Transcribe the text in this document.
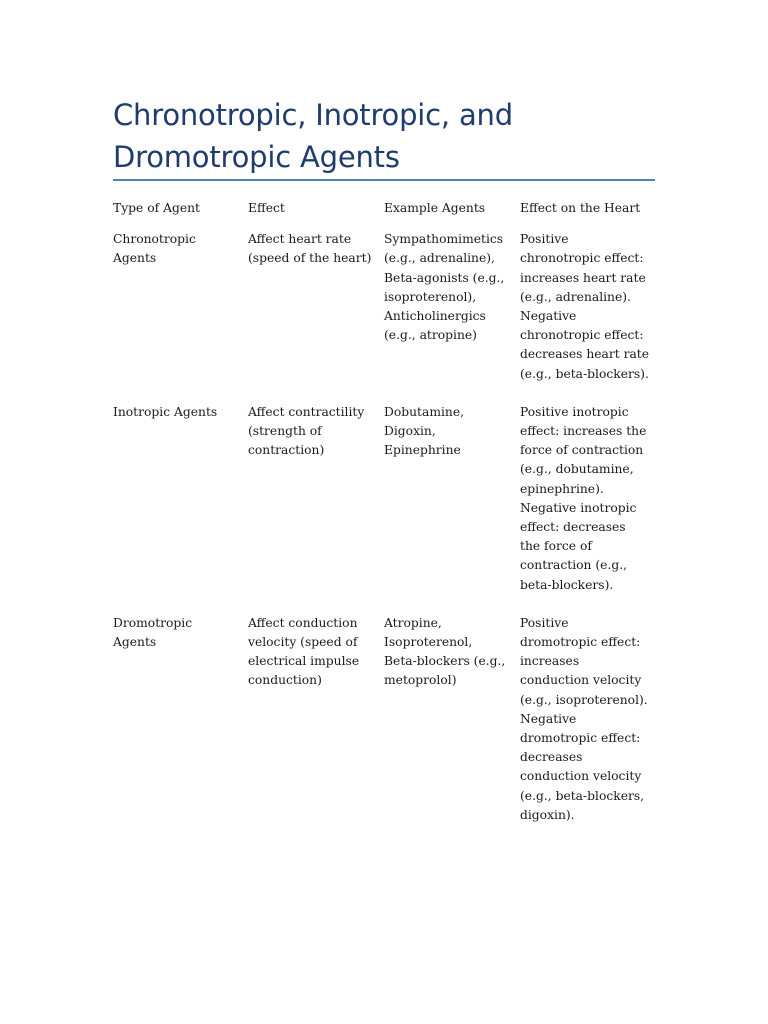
Chronotropic, Inotropic, and Dromotropic Agents
Type of Agent	Effect	Example Agents	Effect on the Heart
Chronotropic Agents	Affect heart rate (speed of the heart)	Sympathomimetics (e.g., adrenaline), Beta-agonists (e.g., isoproterenol), Anticholinergics (e.g., atropine)	Positive chronotropic effect: increases heart rate (e.g., adrenaline). Negative chronotropic effect: decreases heart rate (e.g., beta-blockers).
Inotropic Agents	Affect contractility (strength of contraction)	Dobutamine, Digoxin, Epinephrine	Positive inotropic effect: increases the force of contraction (e.g., dobutamine, epinephrine). Negative inotropic effect: decreases the force of contraction (e.g., beta-blockers).
Dromotropic Agents	Affect conduction velocity (speed of electrical impulse conduction)	Atropine, Isoproterenol, Beta-blockers (e.g., metoprolol)	Positive dromotropic effect: increases conduction velocity (e.g., isoproterenol). Negative dromotropic effect: decreases conduction velocity (e.g., beta-blockers, digoxin).
